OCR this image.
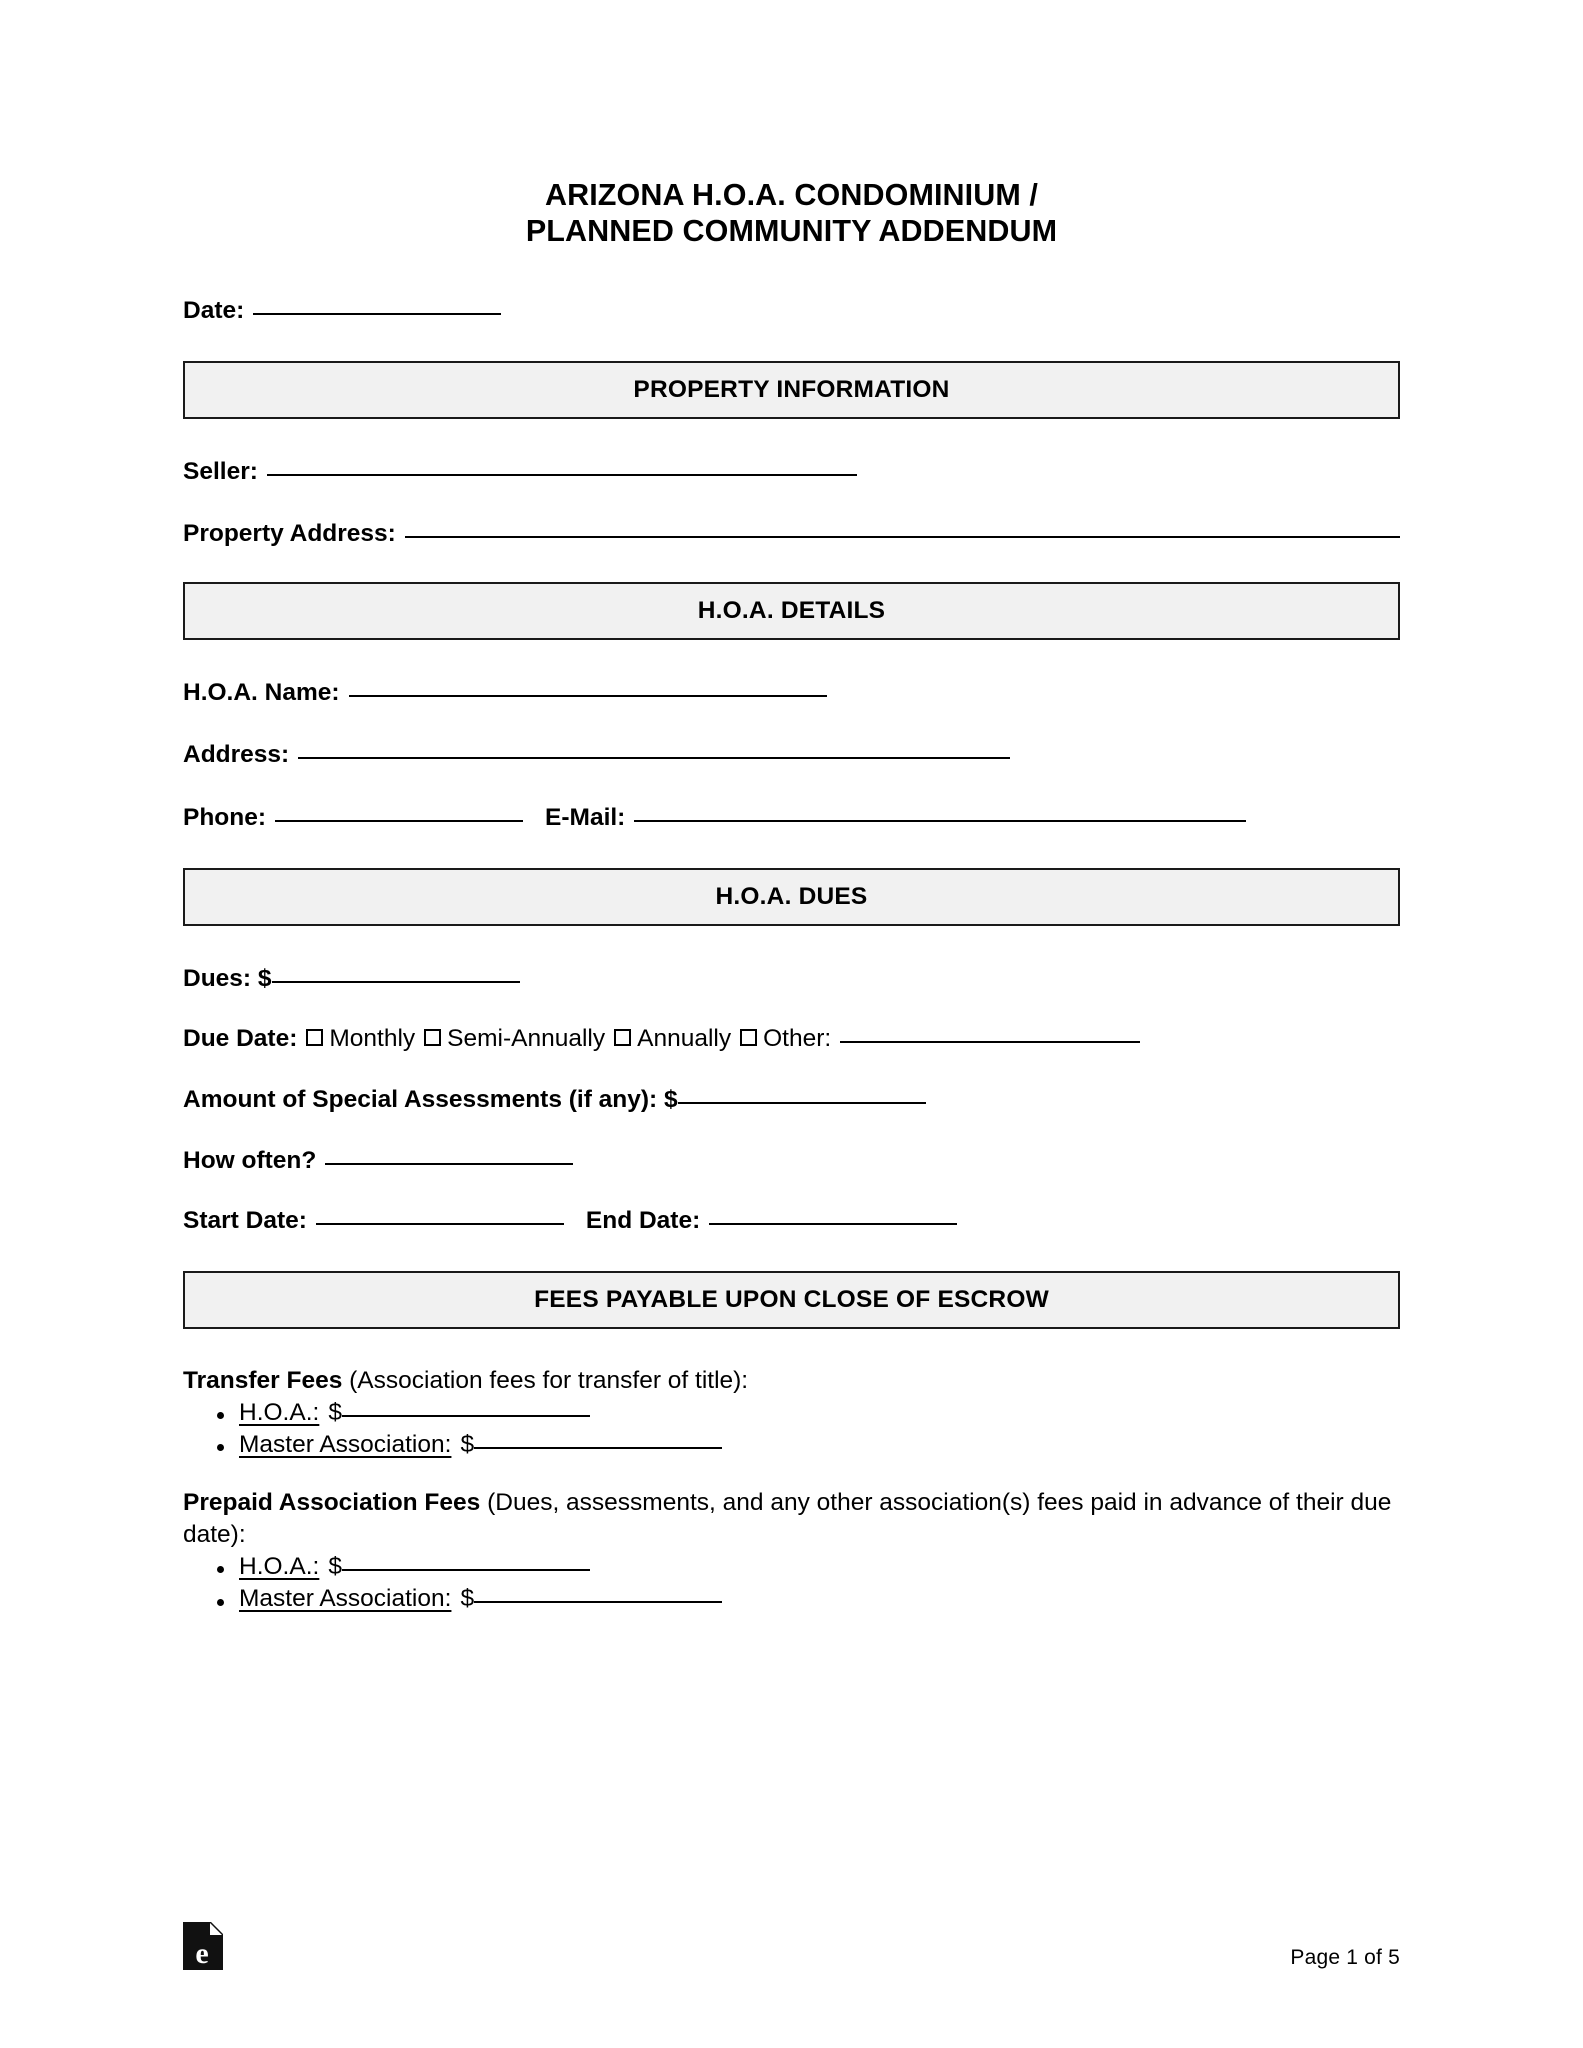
ARIZONA H.O.A. CONDOMINIUM /
PLANNED COMMUNITY ADDENDUM
Date:
PROPERTY INFORMATION
Seller:
Property Address:
H.O.A. DETAILS
H.O.A. Name:
Address:
Phone:	E-Mail:
H.O.A. DUES
Dues: $
Due Date: Monthly Semi-Annually Annually Other:
Amount of Special Assessments (if any): $
How often?
Start Date:	End Date:
FEES PAYABLE UPON CLOSE OF ESCROW
Transfer Fees (Association fees for transfer of title):
H.O.A.: $
Master Association: $
Prepaid Association Fees (Dues, assessments, and any other association(s) fees paid in advance of their due date):
H.O.A.: $
Master Association: $
e	Page 1 of 5
